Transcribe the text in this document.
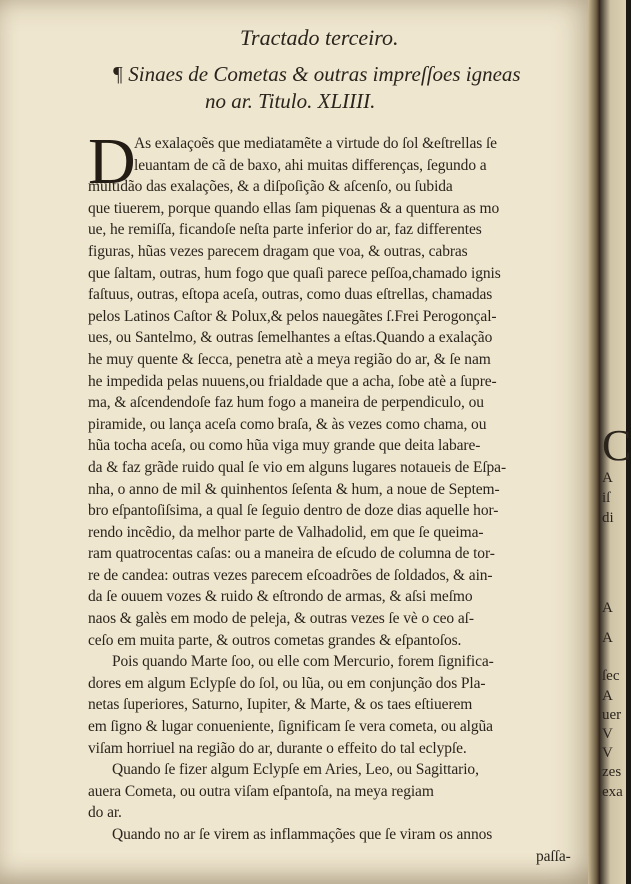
Tractado terceiro.
¶ Sinaes de Cometas & outras impreſſoes igneas
no ar. Titulo. XLIIII.
D
As exalaçoẽs que mediatamẽte a virtude do ſol &eſtrellas ſe
leuantam de cã de baxo, ahi muitas differenças, ſegundo a
multidão das exalações, & a diſpoſição & aſcenſo, ou ſubida
que tiuerem, porque quando ellas ſam piquenas & a quentura as mo
ue, he remiſſa, ficandoſe neſta parte inferior do ar, faz differentes
figuras, hũas vezes parecem dragam que voa, & outras, cabras
que ſaltam, outras, hum fogo que quaſi parece peſſoa,chamado ignis
faſtuus, outras, eſtopa aceſa, outras, como duas eſtrellas, chamadas
pelos Latinos Caſtor & Polux,& pelos nauegãtes ſ.Frei Perogonçal-
ues, ou Santelmo, & outras ſemelhantes a eſtas.Quando a exalação
he muy quente & ſecca, penetra atè a meya região do ar, & ſe nam
he impedida pelas nuuens,ou frialdade que a acha, ſobe atè a ſupre-
ma, & aſcendendoſe faz hum fogo a maneira de perpendiculo, ou
piramide, ou lança aceſa como braſa, & às vezes como chama, ou
hũa tocha aceſa, ou como hũa viga muy grande que deita labare-
da & faz grãde ruido qual ſe vio em alguns lugares notaueis de Eſpa-
nha, o anno de mil & quinhentos ſeſenta & hum, a noue de Septem-
bro eſpantoſiſsima, a qual ſe ſeguio dentro de doze dias aquelle hor-
rendo incẽdio, da melhor parte de Valhadolid, em que ſe queima-
ram quatrocentas caſas: ou a maneira de eſcudo de columna de tor-
re de candea: outras vezes parecem eſcoadrões de ſoldados, & ain-
da ſe ouuem vozes & ruido & eſtrondo de armas, & aſsi meſmo
naos & galès em modo de peleja, & outras vezes ſe vè o ceo aſ-
ceſo em muita parte, & outros cometas grandes & eſpantoſos.
Pois quando Marte ſoo, ou elle com Mercurio, forem ſignifica-
dores em algum Eclypſe do ſol, ou lũa, ou em conjunção dos Pla-
netas ſuperiores, Saturno, Iupiter, & Marte, & os taes eſtiuerem
em ſigno & lugar conueniente, ſignificam ſe vera cometa, ou algũa
viſam horriuel na região do ar, durante o effeito do tal eclypſe.
Quando ſe fizer algum Eclypſe em Aries, Leo, ou Sagittario,
auera Cometa, ou outra viſam eſpantoſa, na meya regiam
do ar.
Quando no ar ſe virem as inflammações que ſe viram os annos
paſſa-
C
A
iſ
di
A
A
ſec
A
uer
V
V
zes
exa
